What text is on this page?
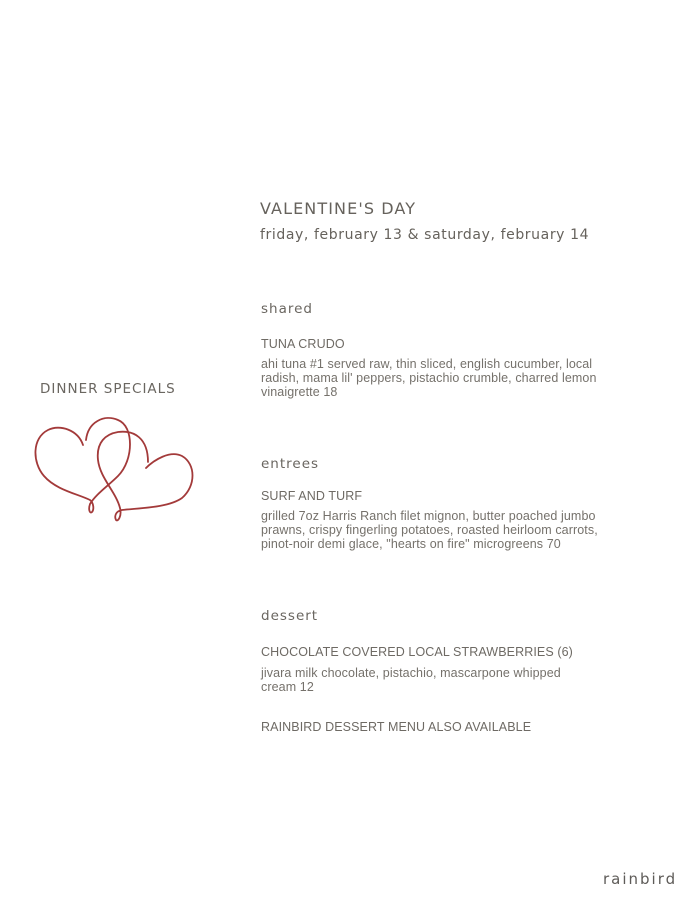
VALENTINE'S DAY
friday, february 13 & saturday, february 14
DINNER SPECIALS
shared
TUNA CRUDO
ahi tuna #1 served raw, thin sliced, english cucumber, local radish, mama lil' peppers, pistachio crumble, charred lemon vinaigrette 18
entrees
SURF AND TURF
grilled 7oz Harris Ranch filet mignon, butter poached jumbo prawns, crispy fingerling potatoes, roasted heirloom carrots, pinot-noir demi glace, "hearts on fire" microgreens 70
dessert
CHOCOLATE COVERED LOCAL STRAWBERRIES (6)
jivara milk chocolate, pistachio, mascarpone whipped cream 12
RAINBIRD DESSERT MENU ALSO AVAILABLE
rainbird
